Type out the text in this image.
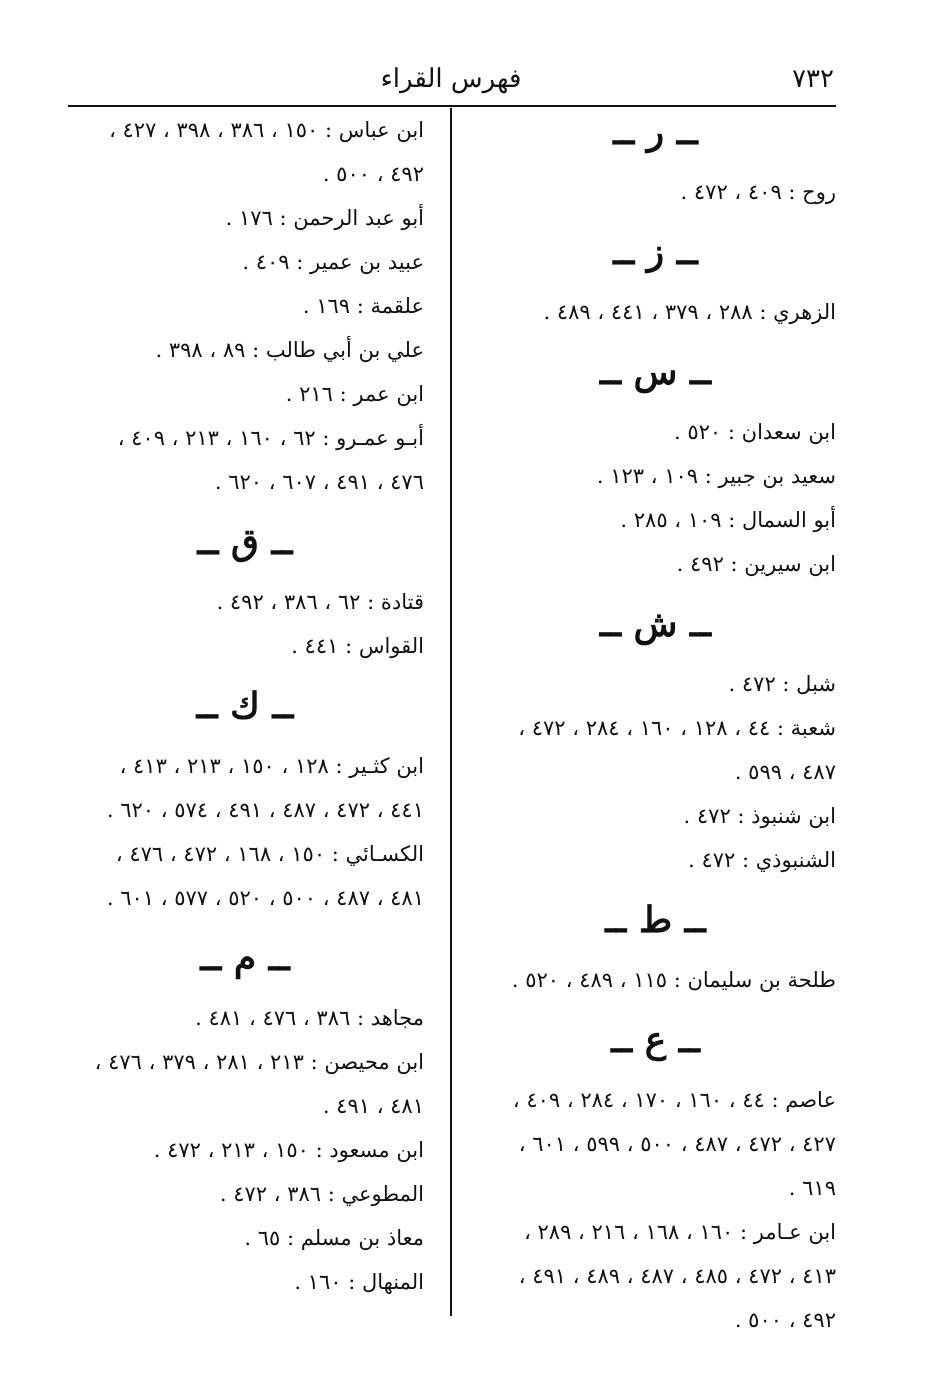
٧٣٢
فهرس القراء
ــ ر ــ
روح : ٤٠٩ ، ٤٧٢ .
ــ ز ــ
الزهري : ٢٨٨ ، ٣٧٩ ، ٤٤١ ، ٤٨٩ .
ــ س ــ
ابن سعدان : ٥٢٠ .
سعيد بن جبير : ١٠٩ ، ١٢٣ .
أبو السمال : ١٠٩ ، ٢٨٥ .
ابن سيرين : ٤٩٢ .
ــ ش ــ
شبل : ٤٧٢ .
شعبة : ٤٤ ، ١٢٨ ، ١٦٠ ، ٢٨٤ ، ٤٧٢ ،
٤٨٧ ، ٥٩٩ .
ابن شنبوذ : ٤٧٢ .
الشنبوذي : ٤٧٢ .
ــ ط ــ
طلحة بن سليمان : ١١٥ ، ٤٨٩ ، ٥٢٠ .
ــ ع ــ
عاصم : ٤٤ ، ١٦٠ ، ١٧٠ ، ٢٨٤ ، ٤٠٩ ،
٤٢٧ ، ٤٧٢ ، ٤٨٧ ، ٥٠٠ ، ٥٩٩ ، ٦٠١ ،
٦١٩ .
ابن عـامر : ١٦٠ ، ١٦٨ ، ٢١٦ ، ٢٨٩ ،
٤١٣ ، ٤٧٢ ، ٤٨٥ ، ٤٨٧ ، ٤٨٩ ، ٤٩١ ،
٤٩٢ ، ٥٠٠ .
ابن عباس : ١٥٠ ، ٣٨٦ ، ٣٩٨ ، ٤٢٧ ،
٤٩٢ ، ٥٠٠ .
أبو عبد الرحمن : ١٧٦ .
عبيد بن عمير : ٤٠٩ .
علقمة : ١٦٩ .
علي بن أبي طالب : ٨٩ ، ٣٩٨ .
ابن عمر : ٢١٦ .
أبـو عمـرو : ٦٢ ، ١٦٠ ، ٢١٣ ، ٤٠٩ ،
٤٧٦ ، ٤٩١ ، ٦٠٧ ، ٦٢٠ .
ــ ق ــ
قتادة : ٦٢ ، ٣٨٦ ، ٤٩٢ .
القواس : ٤٤١ .
ــ ك ــ
ابن كثـير : ١٢٨ ، ١٥٠ ، ٢١٣ ، ٤١٣ ،
٤٤١ ، ٤٧٢ ، ٤٨٧ ، ٤٩١ ، ٥٧٤ ، ٦٢٠ .
الكسـائي : ١٥٠ ، ١٦٨ ، ٤٧٢ ، ٤٧٦ ،
٤٨١ ، ٤٨٧ ، ٥٠٠ ، ٥٢٠ ، ٥٧٧ ، ٦٠١ .
ــ م ــ
مجاهد : ٣٨٦ ، ٤٧٦ ، ٤٨١ .
ابن محيصن : ٢١٣ ، ٢٨١ ، ٣٧٩ ، ٤٧٦ ،
٤٨١ ، ٤٩١ .
ابن مسعود : ١٥٠ ، ٢١٣ ، ٤٧٢ .
المطوعي : ٣٨٦ ، ٤٧٢ .
معاذ بن مسلم : ٦٥ .
المنهال : ١٦٠ .
